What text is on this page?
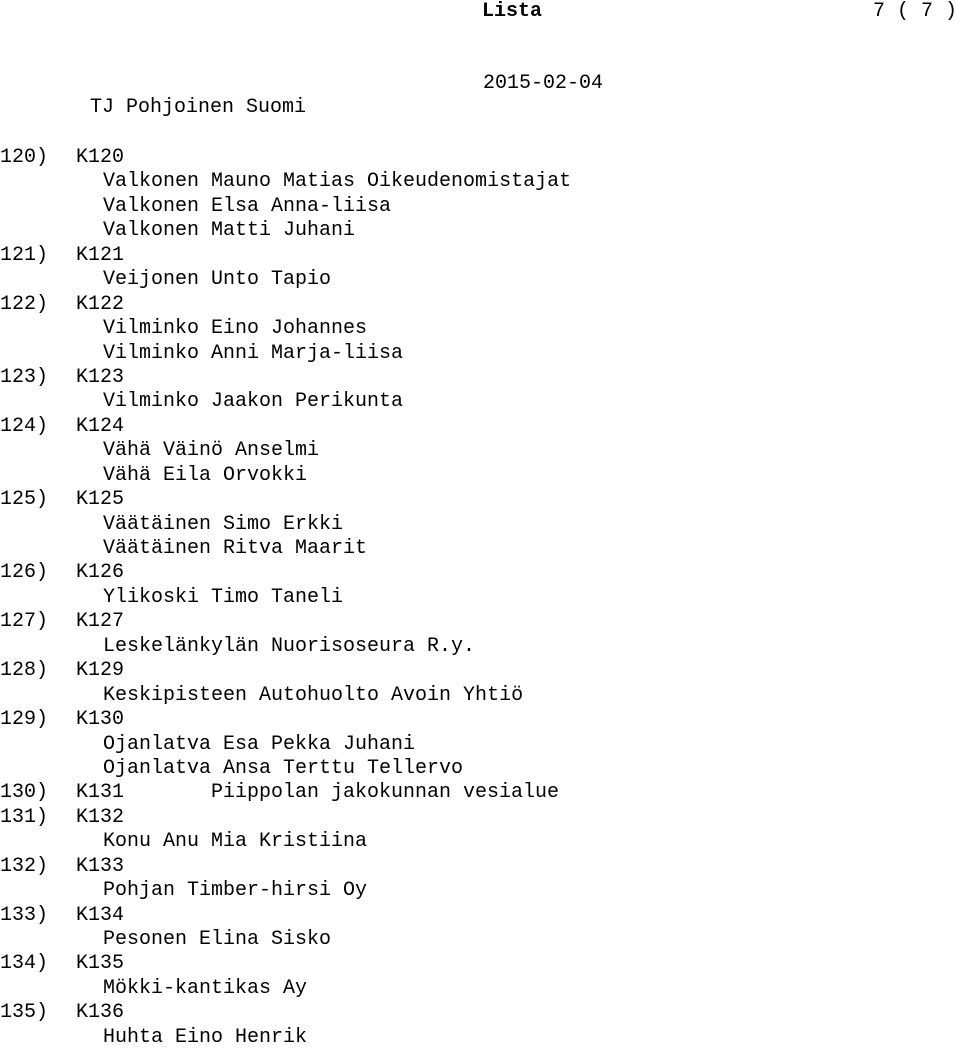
Lista	7 ( 7 )
2015-02-04
TJ Pohjoinen Suomi
120) K120
Valkonen Mauno Matias Oikeudenomistajat
Valkonen Elsa Anna-liisa
Valkonen Matti Juhani
121) K121
Veijonen Unto Tapio
122) K122
Vilminko Eino Johannes
Vilminko Anni Marja-liisa
123) K123
Vilminko Jaakon Perikunta
124) K124
Vähä Väinö Anselmi
Vähä Eila Orvokki
125) K125
Väätäinen Simo Erkki
Väätäinen Ritva Maarit
126) K126
Ylikoski Timo Taneli
127) K127
Leskelänkylän Nuorisoseura R.y.
128) K129
Keskipisteen Autohuolto Avoin Yhtiö
129) K130
Ojanlatva Esa Pekka Juhani
Ojanlatva Ansa Terttu Tellervo
130) K131	Piippolan jakokunnan vesialue
131) K132
Konu Anu Mia Kristiina
132) K133
Pohjan Timber-hirsi Oy
133) K134
Pesonen Elina Sisko
134) K135
Mökki-kantikas Ay
135) K136
Huhta Eino Henrik
